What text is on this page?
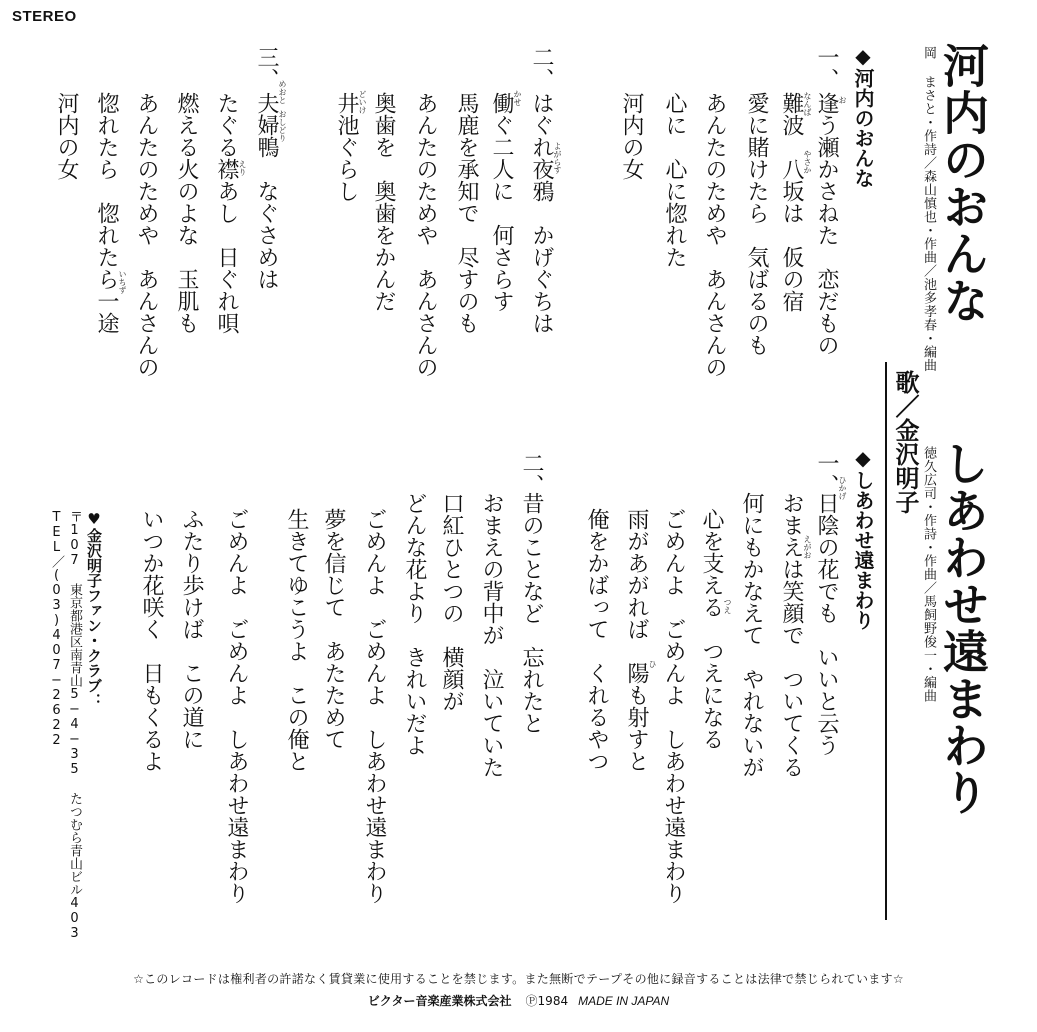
STEREO
河内のおんな
岡 まさと・作詩／森山慎也・作曲／池多孝春・編曲
◆河内のおんな
一、
逢う瀬かさねた　恋だもの
難波　八坂は　仮の宿
愛に賭けたら　気ばるのも
あんたのためや　あんさんの
心に　心に惚れた
河内の女	お
なんば
やさか
二、
はぐれ夜鴉　かげぐちは
働ぐ二人に　何さらす
馬鹿を承知で　尽すのも
あんたのためや　あんさんの
奥歯を　奥歯をかんだ
井池ぐらし	よがらす
かせ
どいけ
三、
夫婦鴨　なぐさめは
たぐる襟あし　日ぐれ唄
燃える火のよな　玉肌も
あんたのためや　あんさんの
惚れたら　惚れたら一途
河内の女	めおと
おしどり
えり
いちず
歌／金沢明子 しあわせ遠まわり
徳久広司・作詩・作曲／馬飼野俊一・編曲
◆しあわせ遠まわり
一、
日陰の花でも　いいと云う
おまえは笑顔で　ついてくる
何にもかなえて　やれないが
心を支える　つえになる
ごめんよ　ごめんよ　しあわせ遠まわり
雨があがれば　陽も射すと
俺をかばって　くれるやつ
ひかげ
えがお
つえ
ひ
二、
昔のことなど　忘れたと
おまえの背中が　泣いていた
口紅ひとつの　横顔が
どんな花より　きれいだよ
ごめんよ　ごめんよ　しあわせ遠まわり
夢を信じて　あたためて
生きてゆこうよ　この俺と
ごめんよ　ごめんよ　しあわせ遠まわり
ふたり歩けば　この道に
いつか花咲く　日もくるよ
♥金沢明子ファン・クラブ：
〒107 東京都港区南青山5−4−35 たつむら青山ビル403
TEL／(03)407−2622
☆このレコードは権利者の許諾なく賃貸業に使用することを禁じます。また無断でテープその他に録音することは法律で禁じられています☆
ビクター音楽産業株式会社 Ⓟ1984 MADE IN JAPAN
